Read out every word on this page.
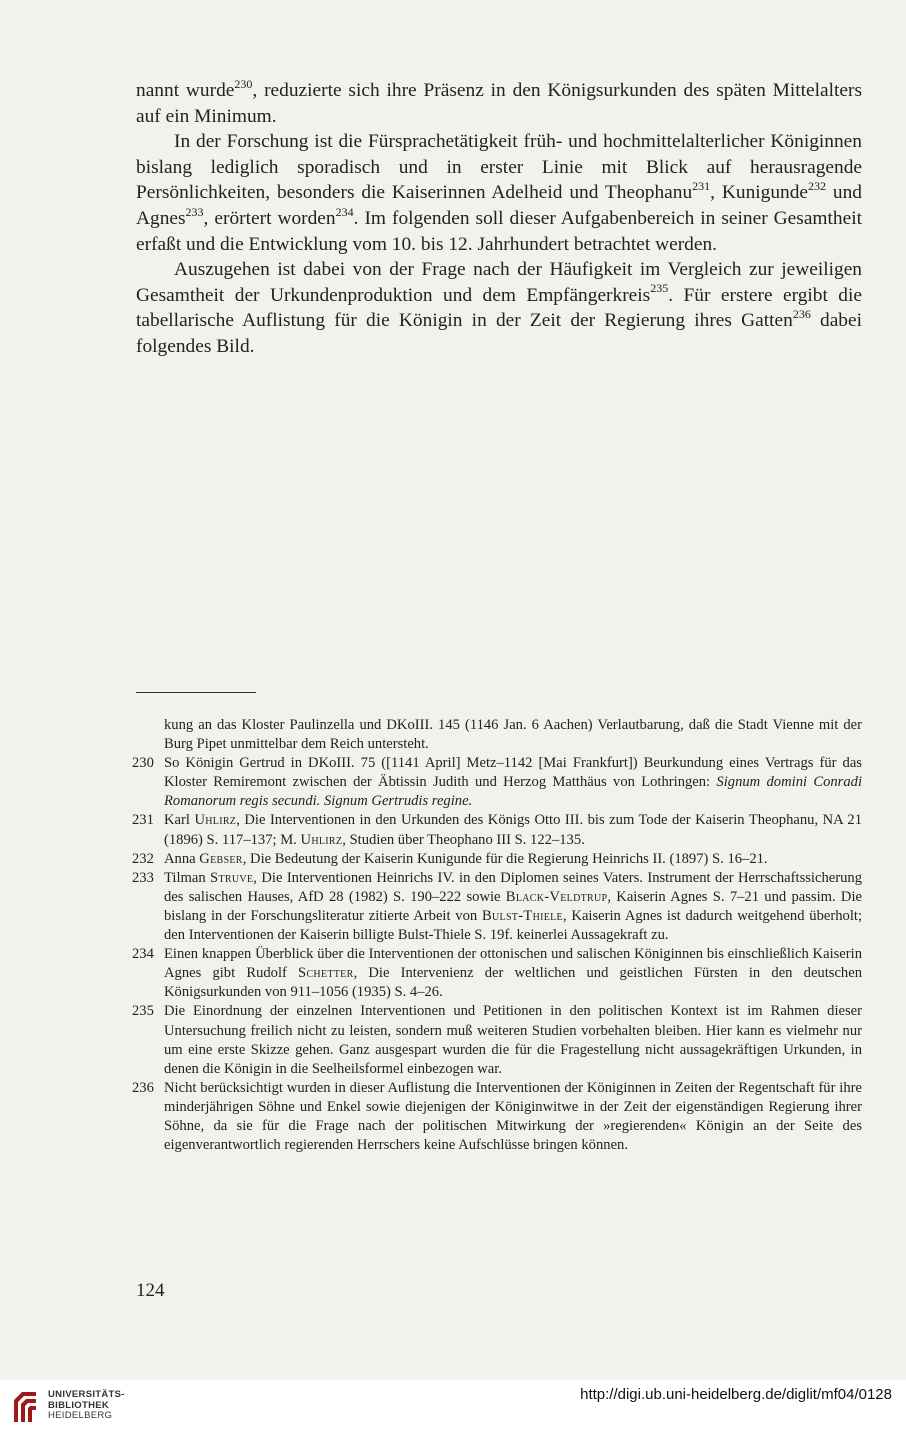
nannt wurde$^{230}$, reduzierte sich ihre Präsenz in den Königsurkunden des späten Mittelalters auf ein Minimum.

In der Forschung ist die Fürsprachetätigkeit früh- und hochmittelalterlicher Königinnen bislang lediglich sporadisch und in erster Linie mit Blick auf herausragende Persönlichkeiten, besonders die Kaiserinnen Adelheid und Theophanu$^{231}$, Kunigunde$^{232}$ und Agnes$^{233}$, erörtert worden$^{234}$. Im folgenden soll dieser Aufgabenbereich in seiner Gesamtheit erfaßt und die Entwicklung vom 10. bis 12. Jahrhundert betrachtet werden.

Auszugehen ist dabei von der Frage nach der Häufigkeit im Vergleich zur jeweiligen Gesamtheit der Urkundenproduktion und dem Empfängerkreis$^{235}$. Für erstere ergibt die tabellarische Auflistung für die Königin in der Zeit der Regierung ihres Gatten$^{236}$ dabei folgendes Bild.

kung an das Kloster Paulinzella und DKoIII. 145 (1146 Jan. 6 Aachen) Verlautbarung, daß die Stadt Vienne mit der Burg Pipet unmittelbar dem Reich untersteht.
230 So Königin Gertrud in DKoIII. 75 ([1141 April] Metz–1142 [Mai Frankfurt]) Beurkundung eines Vertrags für das Kloster Remiremont zwischen der Äbtissin Judith und Herzog Matthäus von Lothringen: Signum domini Conradi Romanorum regis secundi. Signum Gertrudis regine.
231 Karl Uhlirz, Die Interventionen in den Urkunden des Königs Otto III. bis zum Tode der Kaiserin Theophanu, NA 21 (1896) S. 117–137; M. Uhlirz, Studien über Theophano III S. 122–135.
232 Anna Gebser, Die Bedeutung der Kaiserin Kunigunde für die Regierung Heinrichs II. (1897) S. 16–21.
233 Tilman Struve, Die Interventionen Heinrichs IV. in den Diplomen seines Vaters. Instrument der Herrschaftssicherung des salischen Hauses, AfD 28 (1982) S. 190–222 sowie Black-Veldtrup, Kaiserin Agnes S. 7–21 und passim. Die bislang in der Forschungsliteratur zitierte Arbeit von Bulst-Thiele, Kaiserin Agnes ist dadurch weitgehend überholt; den Interventionen der Kaiserin billigte Bulst-Thiele S. 19f. keinerlei Aussagekraft zu.
234 Einen knappen Überblick über die Interventionen der ottonischen und salischen Königinnen bis einschließlich Kaiserin Agnes gibt Rudolf Schetter, Die Intervenienz der weltlichen und geistlichen Fürsten in den deutschen Königsurkunden von 911–1056 (1935) S. 4–26.
235 Die Einordnung der einzelnen Interventionen und Petitionen in den politischen Kontext ist im Rahmen dieser Untersuchung freilich nicht zu leisten, sondern muß weiteren Studien vorbehalten bleiben. Hier kann es vielmehr nur um eine erste Skizze gehen. Ganz ausgespart wurden die für die Fragestellung nicht aussagekräftigen Urkunden, in denen die Königin in die Seelheilsformel einbezogen war.
236 Nicht berücksichtigt wurden in dieser Auflistung die Interventionen der Königinnen in Zeiten der Regentschaft für ihre minderjährigen Söhne und Enkel sowie diejenigen der Königinwitwe in der Zeit der eigenständigen Regierung ihrer Söhne, da sie für die Frage nach der politischen Mitwirkung der »regierenden« Königin an der Seite des eigenverantwortlich regierenden Herrschers keine Aufschlüsse bringen können.
124
UNIVERSITÄTS-
BIBLIOTHEK
HEIDELBERG
http://digi.ub.uni-heidelberg.de/diglit/mf04/0128
